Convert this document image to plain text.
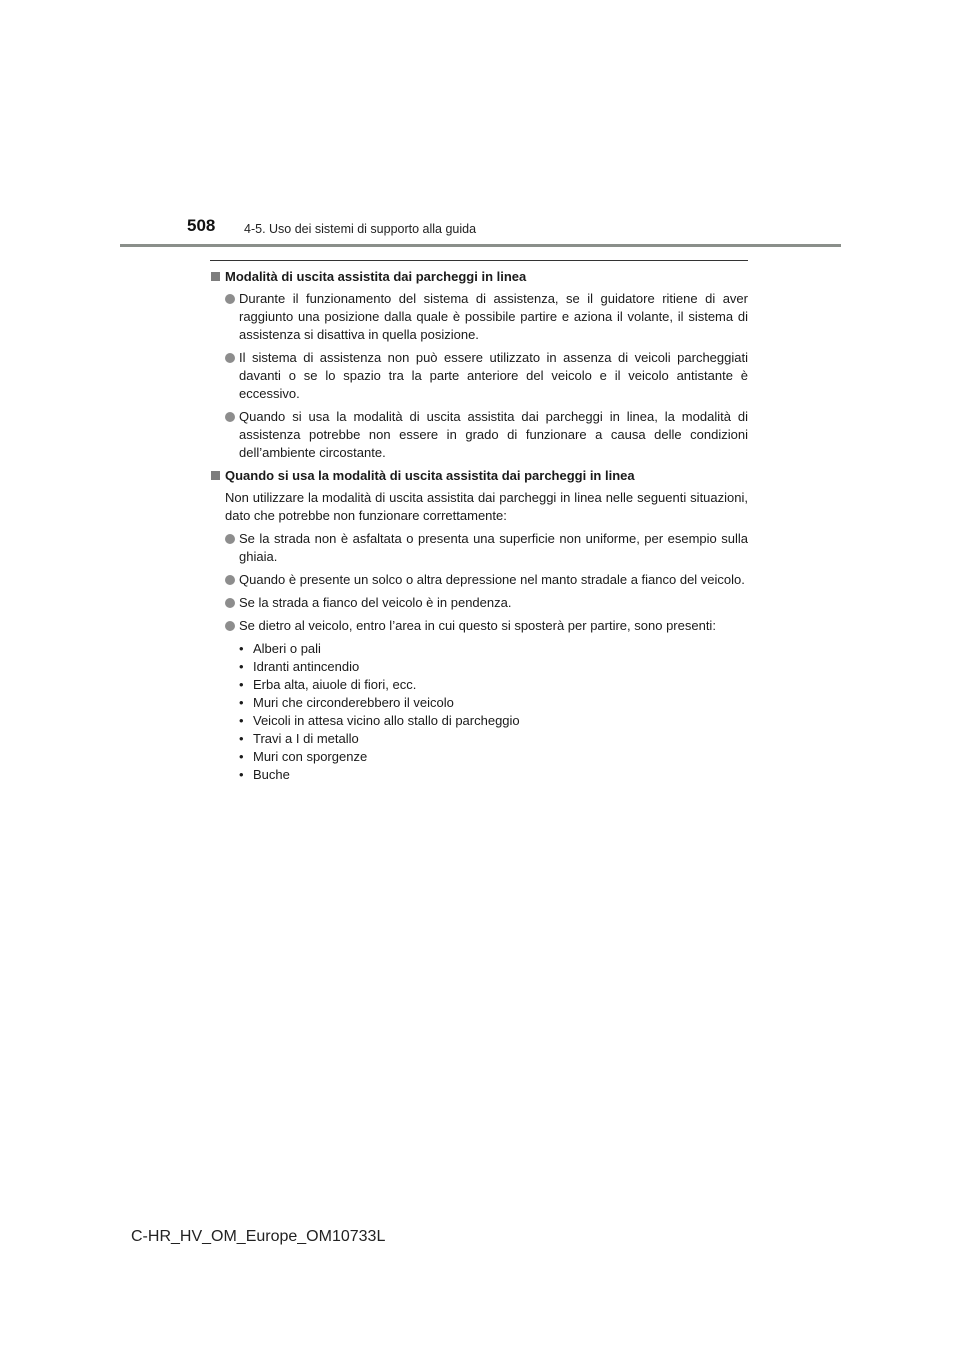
508 4-5. Uso dei sistemi di supporto alla guida
Modalità di uscita assistita dai parcheggi in linea
Durante il funzionamento del sistema di assistenza, se il guidatore ritiene di aver raggiunto una posizione dalla quale è possibile partire e aziona il volante, il sistema di assistenza si disattiva in quella posizione.
Il sistema di assistenza non può essere utilizzato in assenza di veicoli parcheggiati davanti o se lo spazio tra la parte anteriore del veicolo e il veicolo antistante è eccessivo.
Quando si usa la modalità di uscita assistita dai parcheggi in linea, la modalità di assistenza potrebbe non essere in grado di funzionare a causa delle condizioni dell’ambiente circostante.
Quando si usa la modalità di uscita assistita dai parcheggi in linea
Non utilizzare la modalità di uscita assistita dai parcheggi in linea nelle seguenti situazioni, dato che potrebbe non funzionare correttamente:
Se la strada non è asfaltata o presenta una superficie non uniforme, per esempio sulla ghiaia.
Quando è presente un solco o altra depressione nel manto stradale a fianco del veicolo.
Se la strada a fianco del veicolo è in pendenza.
Se dietro al veicolo, entro l’area in cui questo si sposterà per partire, sono presenti:
• Alberi o pali
• Idranti antincendio
• Erba alta, aiuole di fiori, ecc.
• Muri che circonderebbero il veicolo
• Veicoli in attesa vicino allo stallo di parcheggio
• Travi a I di metallo
• Muri con sporgenze
• Buche
C-HR_HV_OM_Europe_OM10733L
